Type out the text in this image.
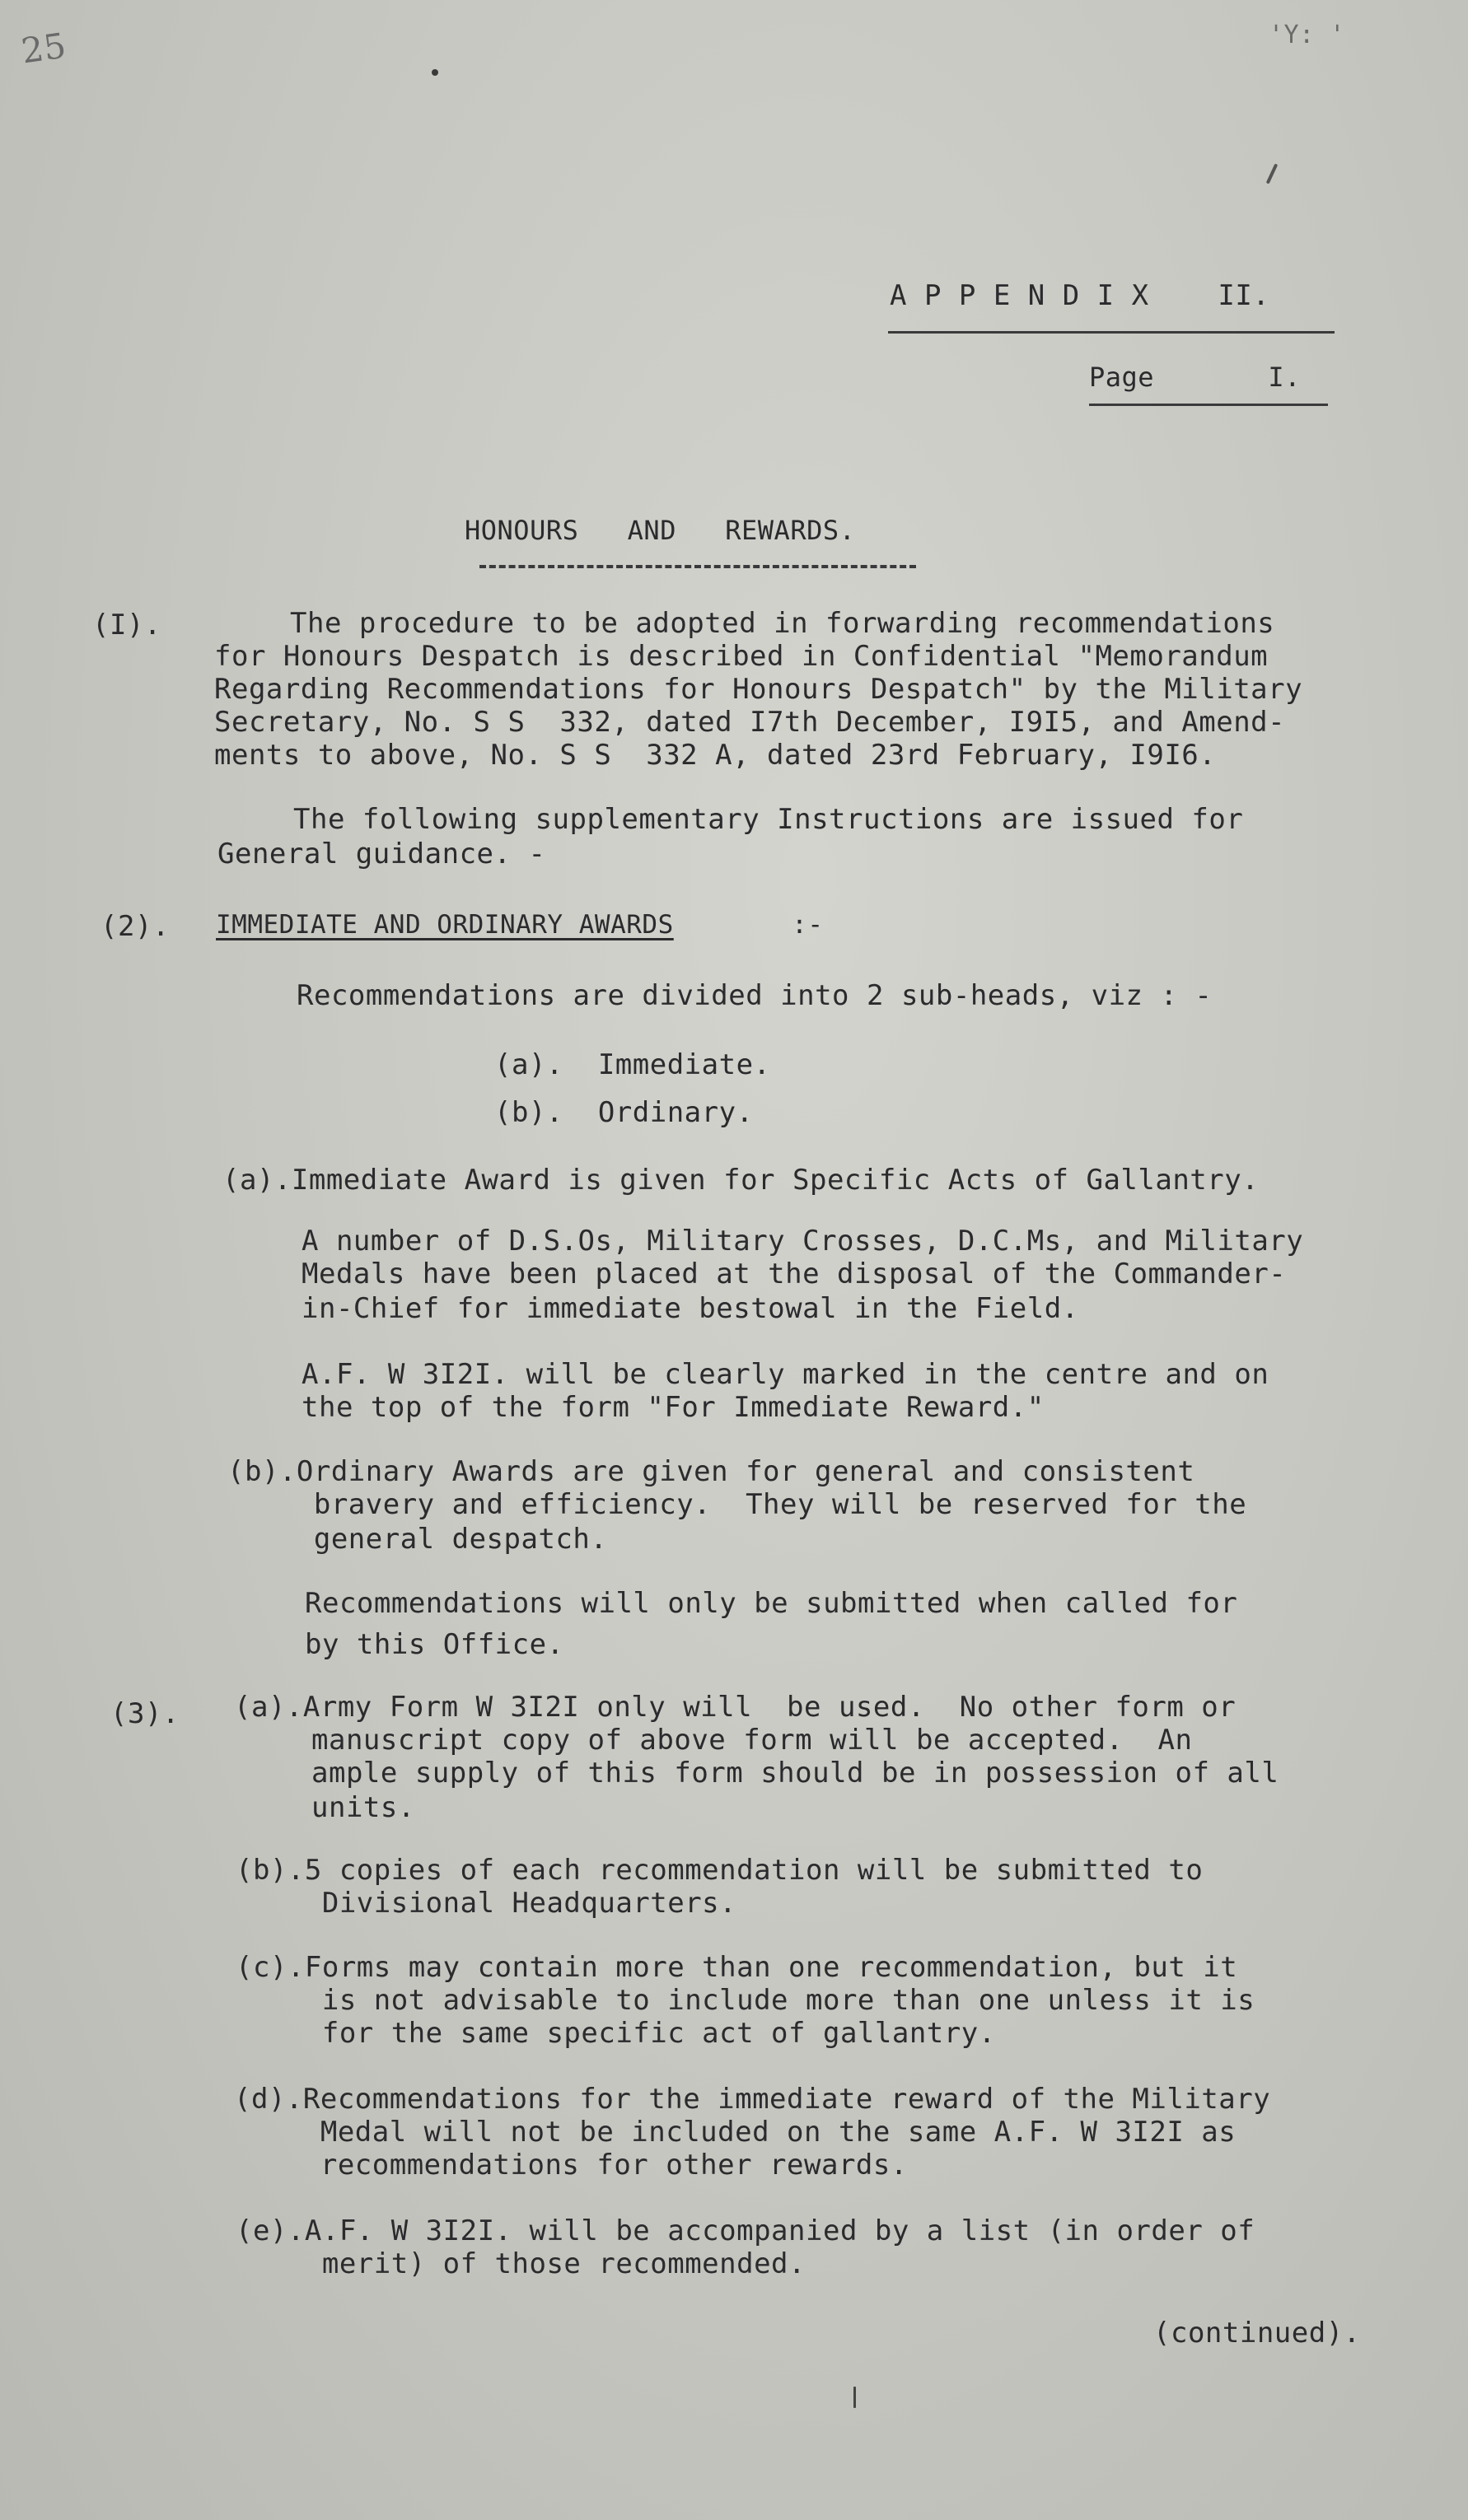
25	'Y: '
A P P E N D I X    II.
Page       I.
HONOURS   AND   REWARDS.
(I).	The procedure to be adopted in forwarding recommendations
for Honours Despatch is described in Confidential "Memorandum
Regarding Recommendations for Honours Despatch" by the Military
Secretary, No. S S  332, dated I7th December, I9I5, and Amend-
ments to above, No. S S  332 A, dated 23rd February, I9I6.
The following supplementary Instructions are issued for
General guidance. -
(2). IMMEDIATE AND ORDINARY AWARDS	:-
Recommendations are divided into 2 sub-heads, viz : -
(a).  Immediate.
(b).  Ordinary.
(a).Immediate Award is given for Specific Acts of Gallantry.
A number of D.S.Os, Military Crosses, D.C.Ms, and Military
Medals have been placed at the disposal of the Commander-
in-Chief for immediate bestowal in the Field.
A.F. W 3I2I. will be clearly marked in the centre and on
the top of the form "For Immediate Reward."
(b).Ordinary Awards are given for general and consistent
bravery and efficiency.  They will be reserved for the
general despatch.
Recommendations will only be submitted when called for
by this Office.
(3). (a).Army Form W 3I2I only will  be used.  No other form or
manuscript copy of above form will be accepted.  An
ample supply of this form should be in possession of all
units.
(b).5 copies of each recommendation will be submitted to
Divisional Headquarters.
(c).Forms may contain more than one recommendation, but it
is not advisable to include more than one unless it is
for the same specific act of gallantry.
(d).Recommendations for the immediate reward of the Military
Medal will not be included on the same A.F. W 3I2I as
recommendations for other rewards.
(e).A.F. W 3I2I. will be accompanied by a list (in order of
merit) of those recommended.
(continued).
